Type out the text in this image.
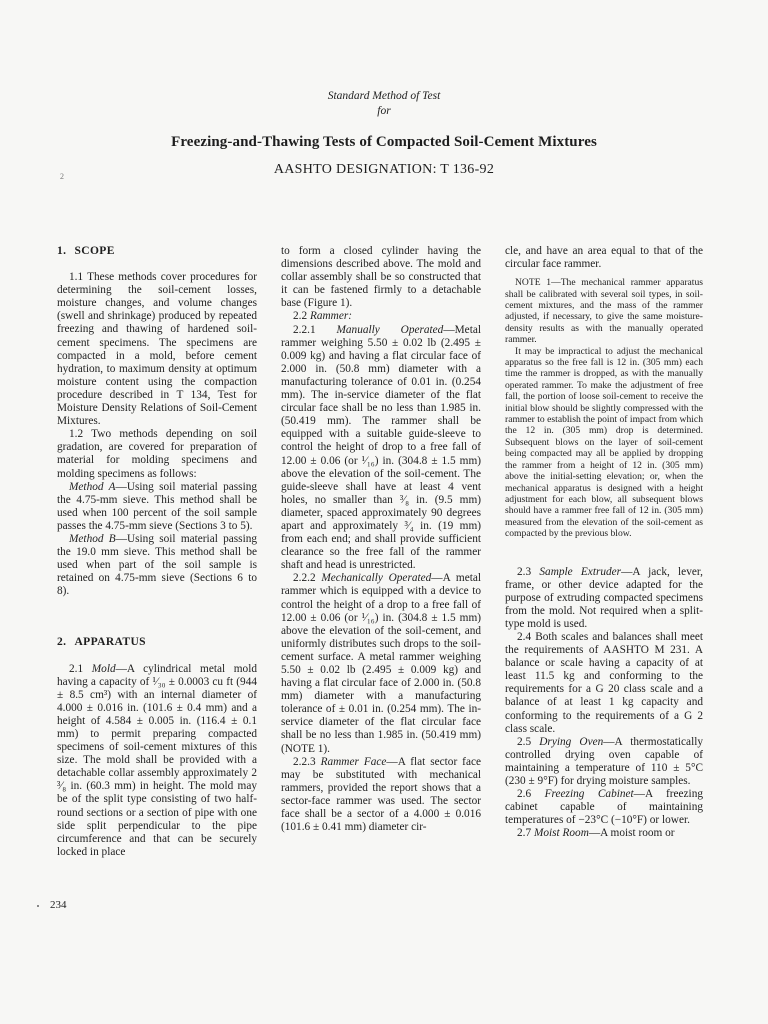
Standard Method of Test
for
Freezing-and-Thawing Tests of Compacted Soil-Cement Mixtures
AASHTO DESIGNATION: T 136-92
2
1. SCOPE

1.1 These methods cover procedures for determining the soil-cement losses, moisture changes, and volume changes (swell and shrinkage) produced by repeated freezing and thawing of hardened soil-cement specimens. The specimens are compacted in a mold, before cement hydration, to maximum density at optimum moisture content using the compaction procedure described in T 134, Test for Moisture Density Relations of Soil-Cement Mixtures.

1.2 Two methods depending on soil gradation, are covered for preparation of material for molding specimens and molding specimens as follows:

Method A—Using soil material passing the 4.75-mm sieve. This method shall be used when 100 percent of the soil sample passes the 4.75-mm sieve (Sections 3 to 5).

Method B—Using soil material passing the 19.0 mm sieve. This method shall be used when part of the soil sample is retained on 4.75-mm sieve (Sections 6 to 8).

2. APPARATUS

2.1 Mold—A cylindrical metal mold having a capacity of ¹⁄₃₀ ± 0.0003 cu ft (944 ± 8.5 cm³) with an internal diameter of 4.000 ± 0.016 in. (101.6 ± 0.4 mm) and a height of 4.584 ± 0.005 in. (116.4 ± 0.1 mm) to permit preparing compacted specimens of soil-cement mixtures of this size. The mold shall be provided with a detachable collar assembly approximately 2 ³⁄₈ in. (60.3 mm) in height. The mold may be of the split type consisting of two half-round sections or a section of pipe with one side split perpendicular to the pipe circumference and that can be securely locked in place

to form a closed cylinder having the dimensions described above. The mold and collar assembly shall be so constructed that it can be fastened firmly to a detachable base (Figure 1).

2.2 Rammer:

2.2.1 Manually Operated—Metal rammer weighing 5.50 ± 0.02 lb (2.495 ± 0.009 kg) and having a flat circular face of 2.000 in. (50.8 mm) diameter with a manufacturing tolerance of 0.01 in. (0.254 mm). The in-service diameter of the flat circular face shall be no less than 1.985 in. (50.419 mm). The rammer shall be equipped with a suitable guide-sleeve to control the height of drop to a free fall of 12.00 ± 0.06 (or ¹⁄₁₆) in. (304.8 ± 1.5 mm) above the elevation of the soil-cement. The guide-sleeve shall have at least 4 vent holes, no smaller than ³⁄₈ in. (9.5 mm) diameter, spaced approximately 90 degrees apart and approximately ³⁄₄ in. (19 mm) from each end; and shall provide sufficient clearance so the free fall of the rammer shaft and head is unrestricted.

2.2.2 Mechanically Operated—A metal rammer which is equipped with a device to control the height of a drop to a free fall of 12.00 ± 0.06 (or ¹⁄₁₆) in. (304.8 ± 1.5 mm) above the elevation of the soil-cement, and uniformly distributes such drops to the soil-cement surface. A metal rammer weighing 5.50 ± 0.02 lb (2.495 ± 0.009 kg) and having a flat circular face of 2.000 in. (50.8 mm) diameter with a manufacturing tolerance of ± 0.01 in. (0.254 mm). The in-service diameter of the flat circular face shall be no less than 1.985 in. (50.419 mm) (NOTE 1).

2.2.3 Rammer Face—A flat sector face may be substituted with mechanical rammers, provided the report shows that a sector-face rammer was used. The sector face shall be a sector of a 4.000 ± 0.016 (101.6 ± 0.41 mm) diameter cir-

cle, and have an area equal to that of the circular face rammer.

NOTE 1—The mechanical rammer apparatus shall be calibrated with several soil types, in soil-cement mixtures, and the mass of the rammer adjusted, if necessary, to give the same moisture-density results as with the manually operated rammer.

It may be impractical to adjust the mechanical apparatus so the free fall is 12 in. (305 mm) each time the rammer is dropped, as with the manually operated rammer. To make the adjustment of free fall, the portion of loose soil-cement to receive the initial blow should be slightly compressed with the rammer to establish the point of impact from which the 12 in. (305 mm) drop is determined. Subsequent blows on the layer of soil-cement being compacted may all be applied by dropping the rammer from a height of 12 in. (305 mm) above the initial-setting elevation; or, when the mechanical apparatus is designed with a height adjustment for each blow, all subsequent blows should have a rammer free fall of 12 in. (305 mm) measured from the elevation of the soil-cement as compacted by the previous blow.

2.3 Sample Extruder—A jack, lever, frame, or other device adapted for the purpose of extruding compacted specimens from the mold. Not required when a split-type mold is used.

2.4 Both scales and balances shall meet the requirements of AASHTO M 231. A balance or scale having a capacity of at least 11.5 kg and conforming to the requirements for a G 20 class scale and a balance of at least 1 kg capacity and conforming to the requirements of a G 2 class scale.

2.5 Drying Oven—A thermostatically controlled drying oven capable of maintaining a temperature of 110 ± 5°C (230 ± 9°F) for drying moisture samples.

2.6 Freezing Cabinet—A freezing cabinet capable of maintaining temperatures of −23°C (−10°F) or lower.

2.7 Moist Room—A moist room or

234
